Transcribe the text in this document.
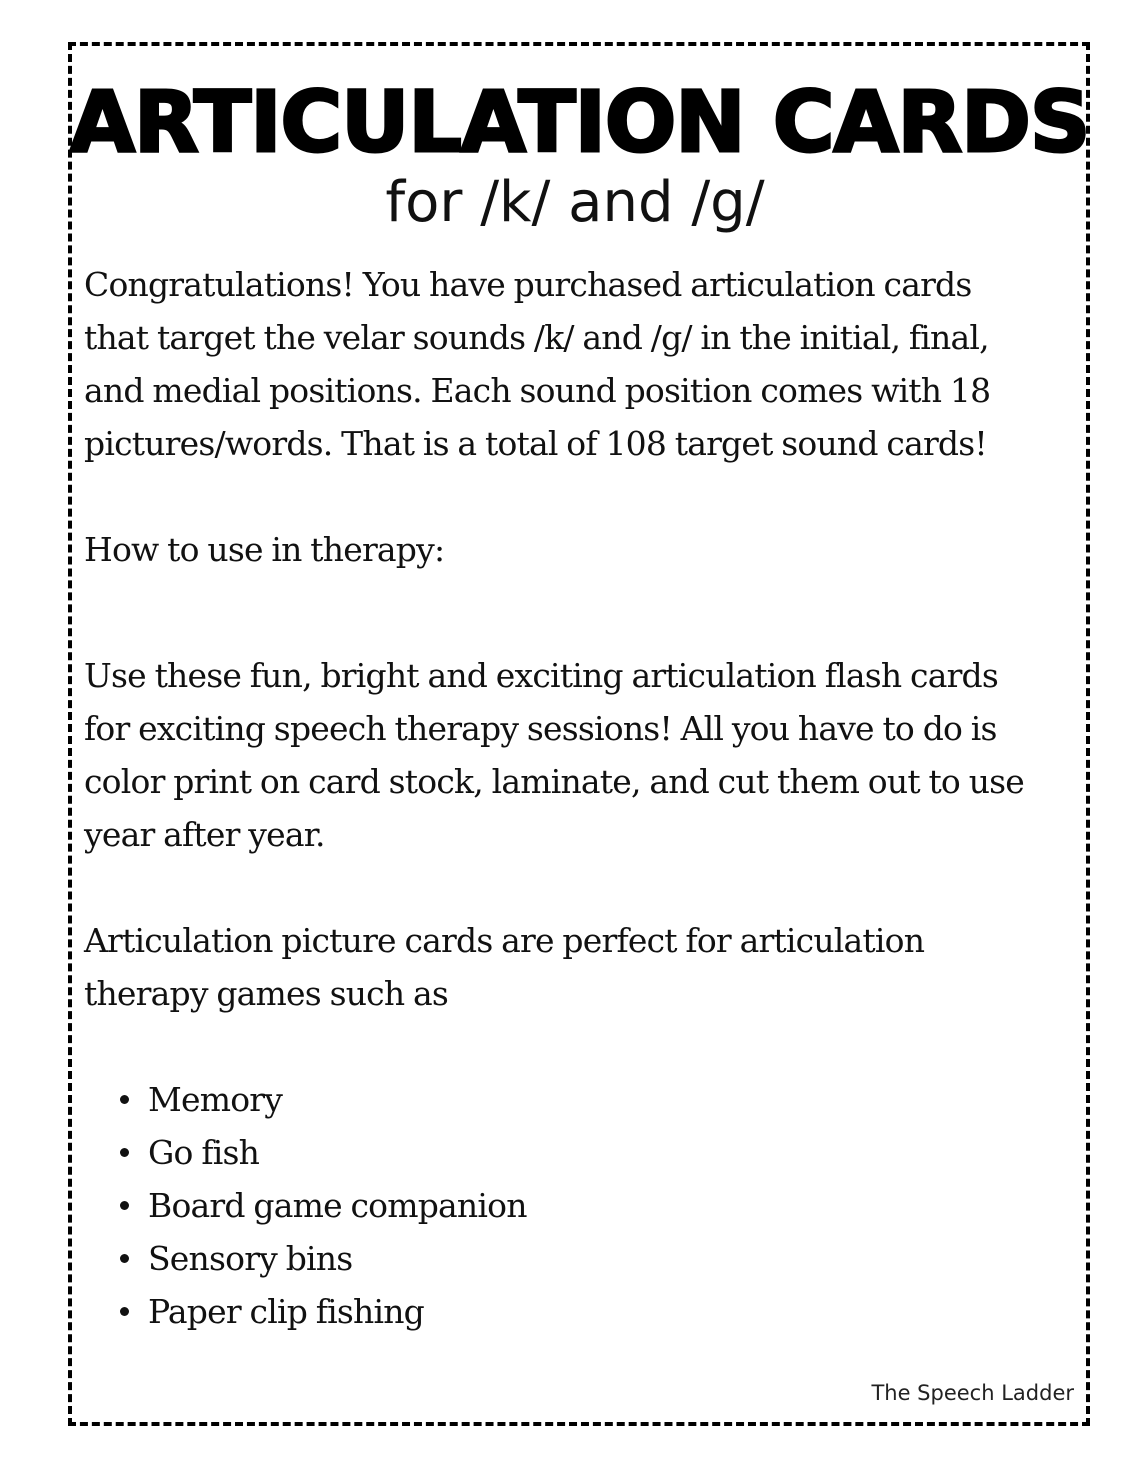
ARTICULATION CARDS
for /k/ and /g/

Congratulations! You have purchased articulation cards
that target the velar sounds /k/ and /g/ in the initial, final,
and medial positions. Each sound position comes with 18
pictures/words. That is a total of 108 target sound cards!

How to use in therapy:

Use these fun, bright and exciting articulation flash cards
for exciting speech therapy sessions! All you have to do is
color print on card stock, laminate, and cut them out to use
year after year.

Articulation picture cards are perfect for articulation
therapy games such as

Memory
Go fish
Board game companion
Sensory bins
Paper clip fishing
The Speech Ladder
